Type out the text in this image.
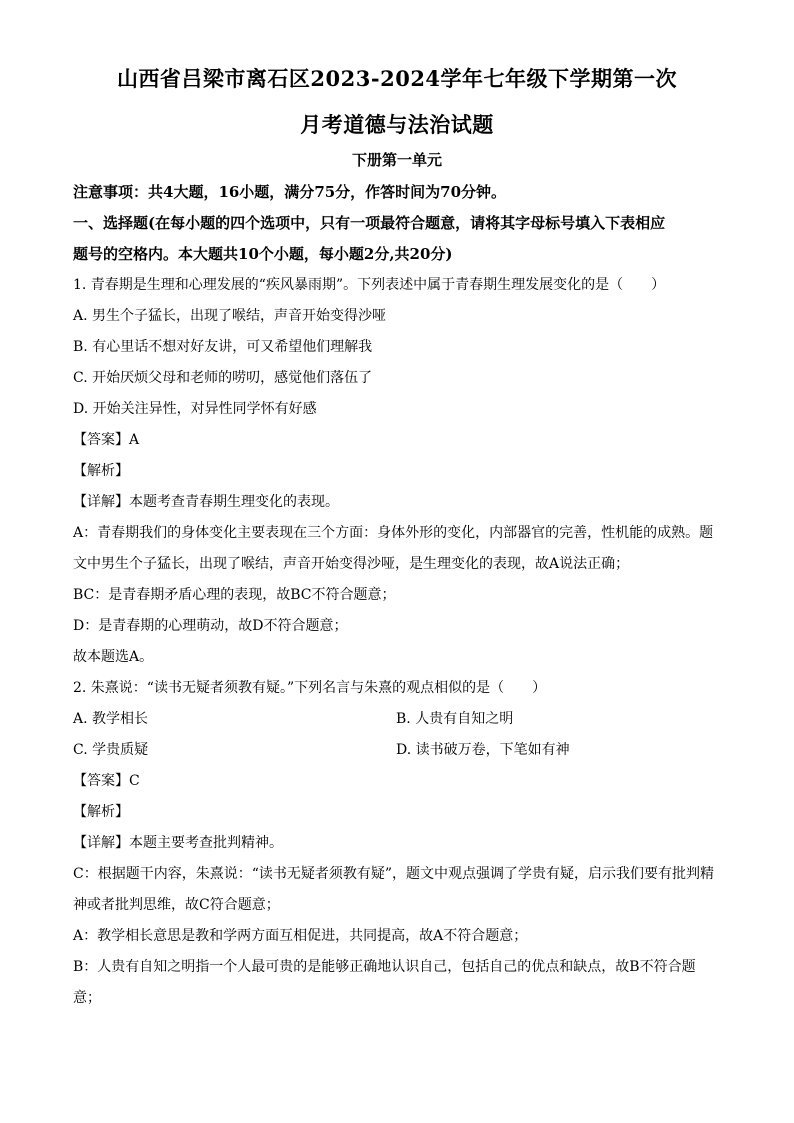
山西省吕梁市离石区2023-2024学年七年级下学期第一次
月考道德与法治试题
下册第一单元
注意事项：共4大题，16小题，满分75分，作答时间为70分钟。
一、选择题(在每小题的四个选项中，只有一项最符合题意，请将其字母标号填入下表相应
题号的空格内。本大题共10个小题，每小题2分,共20分)
1. 青春期是生理和心理发展的“疾风暴雨期”。下列表述中属于青春期生理发展变化的是（　　）
A. 男生个子猛长，出现了喉结，声音开始变得沙哑
B. 有心里话不想对好友讲，可又希望他们理解我
C. 开始厌烦父母和老师的唠叨，感觉他们落伍了
D. 开始关注异性，对异性同学怀有好感
【答案】A
【解析】
【详解】本题考查青春期生理变化的表现。
A：青春期我们的身体变化主要表现在三个方面：身体外形的变化，内部器官的完善，性机能的成熟。题
文中男生个子猛长，出现了喉结，声音开始变得沙哑，是生理变化的表现，故A说法正确；
BC：是青春期矛盾心理的表现，故BC不符合题意；
D：是青春期的心理萌动，故D不符合题意；
故本题选A。
2. 朱熹说：“读书无疑者须教有疑。”下列名言与朱熹的观点相似的是（　　）
A. 教学相长	B. 人贵有自知之明
C. 学贵质疑	D. 读书破万卷，下笔如有神
【答案】C
【解析】
【详解】本题主要考查批判精神。
C：根据题干内容，朱熹说：“读书无疑者须教有疑”，题文中观点强调了学贵有疑，启示我们要有批判精
神或者批判思维，故C符合题意；
A：教学相长意思是教和学两方面互相促进，共同提高，故A不符合题意；
B：人贵有自知之明指一个人最可贵的是能够正确地认识自己，包括自己的优点和缺点，故B不符合题
意；
